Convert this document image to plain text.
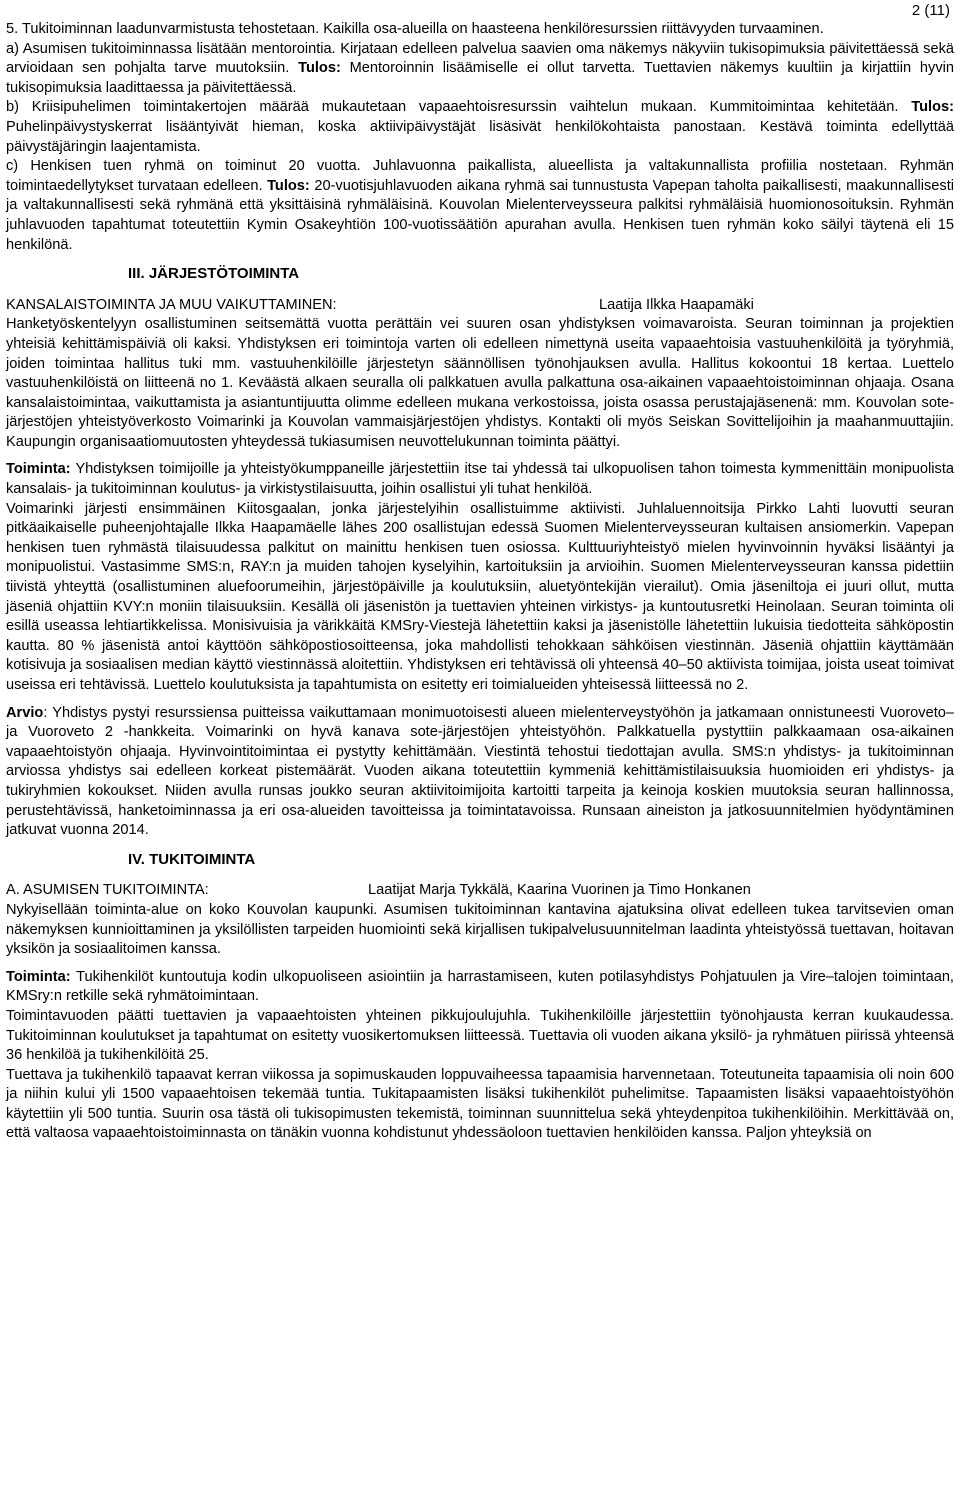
2 (11)

5. Tukitoiminnan laadunvarmistusta tehostetaan. Kaikilla osa-alueilla on haasteena henkilöresurssien riittävyyden turvaaminen.

a) Asumisen tukitoiminnassa lisätään mentorointia. Kirjataan edelleen palvelua saavien oma näkemys näkyviin tukisopimuksia päivitettäessä sekä arvioidaan sen pohjalta tarve muutoksiin. Tulos: Mentoroinnin lisäämiselle ei ollut tarvetta. Tuettavien näkemys kuultiin ja kirjattiin hyvin tukisopimuksia laadittaessa ja päivitettäessä.

b) Kriisipuhelimen toimintakertojen määrää mukautetaan vapaaehtoisresurssin vaihtelun mukaan. Kummitoimintaa kehitetään. Tulos: Puhelinpäivystyskerrat lisääntyivät hieman, koska aktiivipäivystäjät lisäsivät henkilökohtaista panostaan. Kestävä toiminta edellyttää päivystäjäringin laajentamista.

c) Henkisen tuen ryhmä on toiminut 20 vuotta. Juhlavuonna paikallista, alueellista ja valtakunnallista profiilia nostetaan. Ryhmän toimintaedellytykset turvataan edelleen. Tulos: 20-vuotisjuhlavuoden aikana ryhmä sai tunnustusta Vapepan taholta paikallisesti, maakunnallisesti ja valtakunnallisesti sekä ryhmänä että yksittäisinä ryhmäläisinä. Kouvolan Mielenterveysseura palkitsi ryhmäläisiä huomionosoituksin. Ryhmän juhlavuoden tapahtumat toteutettiin Kymin Osakeyhtiön 100-vuotissäätiön apurahan avulla. Henkisen tuen ryhmän koko säilyi täytenä eli 15 henkilönä.

III. JÄRJESTÖTOIMINTA
KANSALAISTOIMINTA JA MUU VAIKUTTAMINEN:	Laatija Ilkka Haapamäki

Hanketyöskentelyyn osallistuminen seitsemättä vuotta perättäin vei suuren osan yhdistyksen voimavaroista. Seuran toiminnan ja projektien yhteisiä kehittämispäiviä oli kaksi. Yhdistyksen eri toimintoja varten oli edelleen nimettynä useita vapaaehtoisia vastuuhenkilöitä ja työryhmiä, joiden toimintaa hallitus tuki mm. vastuuhenkilöille järjestetyn säännöllisen työnohjauksen avulla. Hallitus kokoontui 18 kertaa. Luettelo vastuuhenkilöistä on liitteenä no 1. Keväästä alkaen seuralla oli palkkatuen avulla palkattuna osa-aikainen vapaaehtoistoiminnan ohjaaja. Osana kansalaistoimintaa, vaikuttamista ja asiantuntijuutta olimme edelleen mukana verkostoissa, joista osassa perustajajäsenenä: mm. Kouvolan sote-järjestöjen yhteistyöverkosto Voimarinki ja Kouvolan vammaisjärjestöjen yhdistys. Kontakti oli myös Seiskan Sovittelijoihin ja maahanmuuttajiin. Kaupungin organisaatiomuutosten yhteydessä tukiasumisen neuvottelukunnan toiminta päättyi.

Toiminta: Yhdistyksen toimijoille ja yhteistyökumppaneille järjestettiin itse tai yhdessä tai ulkopuolisen tahon toimesta kymmenittäin monipuolista kansalais- ja tukitoiminnan koulutus- ja virkistystilaisuutta, joihin osallistui yli tuhat henkilöä.

Voimarinki järjesti ensimmäinen Kiitosgaalan, jonka järjestelyihin osallistuimme aktiivisti. Juhlaluennoitsija Pirkko Lahti luovutti seuran pitkäaikaiselle puheenjohtajalle Ilkka Haapamäelle lähes 200 osallistujan edessä Suomen Mielenterveysseuran kultaisen ansiomerkin. Vapepan henkisen tuen ryhmästä tilaisuudessa palkitut on mainittu henkisen tuen osiossa. Kulttuuriyhteistyö mielen hyvinvoinnin hyväksi lisääntyi ja monipuolistui. Vastasimme SMS:n, RAY:n ja muiden tahojen kyselyihin, kartoituksiin ja arvioihin. Suomen Mielenterveysseuran kanssa pidettiin tiivistä yhteyttä (osallistuminen aluefoorumeihin, järjestöpäiville ja koulutuksiin, aluetyöntekijän vierailut). Omia jäseniltoja ei juuri ollut, mutta jäseniä ohjattiin KVY:n moniin tilaisuuksiin. Kesällä oli jäsenistön ja tuettavien yhteinen virkistys- ja kuntoutusretki Heinolaan. Seuran toiminta oli esillä useassa lehtiartikkelissa. Monisivuisia ja värikkäitä KMSry-Viestejä lähetettiin kaksi ja jäsenistölle lähetettiin lukuisia tiedotteita sähköpostin kautta. 80 % jäsenistä antoi käyttöön sähköpostiosoitteensa, joka mahdollisti tehokkaan sähköisen viestinnän. Jäseniä ohjattiin käyttämään kotisivuja ja sosiaalisen median käyttö viestinnässä aloitettiin. Yhdistyksen eri tehtävissä oli yhteensä 40–50 aktiivista toimijaa, joista useat toimivat useissa eri tehtävissä. Luettelo koulutuksista ja tapahtumista on esitetty eri toimialueiden yhteisessä liitteessä no 2.

Arvio: Yhdistys pystyi resurssiensa puitteissa vaikuttamaan monimuotoisesti alueen mielenterveystyöhön ja jatkamaan onnistuneesti Vuoroveto– ja Vuoroveto 2 -hankkeita. Voimarinki on hyvä kanava sote-järjestöjen yhteistyöhön. Palkkatuella pystyttiin palkkaamaan osa-aikainen vapaaehtoistyön ohjaaja. Hyvinvointitoimintaa ei pystytty kehittämään. Viestintä tehostui tiedottajan avulla. SMS:n yhdistys- ja tukitoiminnan arviossa yhdistys sai edelleen korkeat pistemäärät. Vuoden aikana toteutettiin kymmeniä kehittämistilaisuuksia huomioiden eri yhdistys- ja tukiryhmien kokoukset. Niiden avulla runsas joukko seuran aktiivitoimijoita kartoitti tarpeita ja keinoja koskien muutoksia seuran hallinnossa, perustehtävissä, hanketoiminnassa ja eri osa-alueiden tavoitteissa ja toimintatavoissa. Runsaan aineiston ja jatkosuunnitelmien hyödyntäminen jatkuvat vuonna 2014.

IV. TUKITOIMINTA
A. ASUMISEN TUKITOIMINTA:	Laatijat Marja Tykkälä, Kaarina Vuorinen ja Timo Honkanen

Nykyisellään toiminta-alue on koko Kouvolan kaupunki. Asumisen tukitoiminnan kantavina ajatuksina olivat edelleen tukea tarvitsevien oman näkemyksen kunnioittaminen ja yksilöllisten tarpeiden huomiointi sekä kirjallisen tukipalvelusuunnitelman laadinta yhteistyössä tuettavan, hoitavan yksikön ja sosiaalitoimen kanssa.

Toiminta: Tukihenkilöt kuntoutuja kodin ulkopuoliseen asiointiin ja harrastamiseen, kuten potilasyhdistys Pohjatuulen ja Vire–talojen toimintaan, KMSry:n retkille sekä ryhmätoimintaan.

Toimintavuoden päätti tuettavien ja vapaaehtoisten yhteinen pikkujoulujuhla. Tukihenkilöille järjestettiin työnohjausta kerran kuukaudessa. Tukitoiminnan koulutukset ja tapahtumat on esitetty vuosikertomuksen liitteessä. Tuettavia oli vuoden aikana yksilö- ja ryhmätuen piirissä yhteensä 36 henkilöä ja tukihenkilöitä 25.

Tuettava ja tukihenkilö tapaavat kerran viikossa ja sopimuskauden loppuvaiheessa tapaamisia harvennetaan. Toteutuneita tapaamisia oli noin 600 ja niihin kului yli 1500 vapaaehtoisen tekemää tuntia. Tukitapaamisten lisäksi tukihenkilöt puhelimitse. Tapaamisten lisäksi vapaaehtoistyöhön käytettiin yli 500 tuntia. Suurin osa tästä oli tukisopimusten tekemistä, toiminnan suunnittelua sekä yhteydenpitoa tukihenkilöihin. Merkittävää on, että valtaosa vapaaehtoistoiminnasta on tänäkin vuonna kohdistunut yhdessäoloon tuettavien henkilöiden kanssa. Paljon yhteyksiä on
